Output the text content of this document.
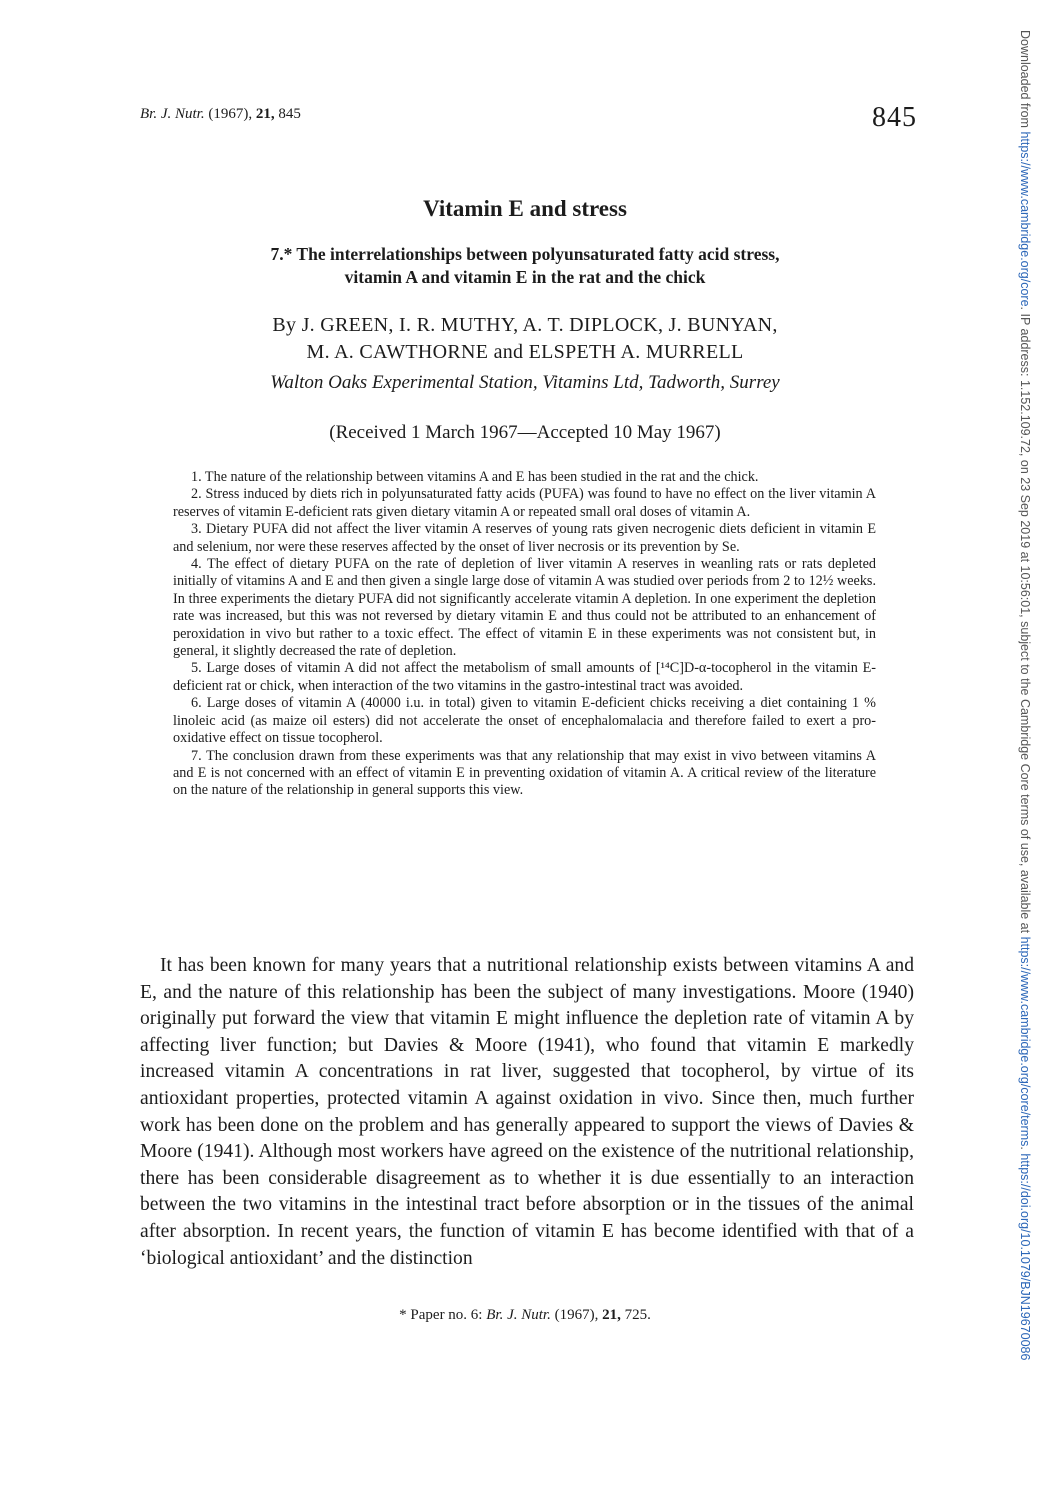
Downloaded from https://www.cambridge.org/core. IP address: 1.152.109.72, on 23 Sep 2019 at 10:56:01, subject to the Cambridge Core terms of use, available at https://www.cambridge.org/core/terms. https://doi.org/10.1079/BJN19670086
Br. J. Nutr. (1967), 21, 845	845
Vitamin E and stress
7.* The interrelationships between polyunsaturated fatty acid stress,
vitamin A and vitamin E in the rat and the chick
By J. GREEN, I. R. MUTHY, A. T. DIPLOCK, J. BUNYAN,
M. A. CAWTHORNE and ELSPETH A. MURRELL
Walton Oaks Experimental Station, Vitamins Ltd, Tadworth, Surrey
(Received 1 March 1967—Accepted 10 May 1967)

1. The nature of the relationship between vitamins A and E has been studied in the rat and the chick.

2. Stress induced by diets rich in polyunsaturated fatty acids (PUFA) was found to have no effect on the liver vitamin A reserves of vitamin E-deficient rats given dietary vitamin A or repeated small oral doses of vitamin A.

3. Dietary PUFA did not affect the liver vitamin A reserves of young rats given necrogenic diets deficient in vitamin E and selenium, nor were these reserves affected by the onset of liver necrosis or its prevention by Se.

4. The effect of dietary PUFA on the rate of depletion of liver vitamin A reserves in weanling rats or rats depleted initially of vitamins A and E and then given a single large dose of vitamin A was studied over periods from 2 to 12½ weeks. In three experiments the dietary PUFA did not significantly accelerate vitamin A depletion. In one experiment the depletion rate was increased, but this was not reversed by dietary vitamin E and thus could not be attributed to an enhancement of peroxidation in vivo but rather to a toxic effect. The effect of vitamin E in these experiments was not consistent but, in general, it slightly decreased the rate of depletion.

5. Large doses of vitamin A did not affect the metabolism of small amounts of [¹⁴C]D-α-tocopherol in the vitamin E-deficient rat or chick, when interaction of the two vitamins in the gastro-intestinal tract was avoided.

6. Large doses of vitamin A (40000 i.u. in total) given to vitamin E-deficient chicks receiving a diet containing 1 % linoleic acid (as maize oil esters) did not accelerate the onset of encephalomalacia and therefore failed to exert a pro-oxidative effect on tissue tocopherol.

7. The conclusion drawn from these experiments was that any relationship that may exist in vivo between vitamins A and E is not concerned with an effect of vitamin E in preventing oxidation of vitamin A. A critical review of the literature on the nature of the relationship in general supports this view.

It has been known for many years that a nutritional relationship exists between vitamins A and E, and the nature of this relationship has been the subject of many investigations. Moore (1940) originally put forward the view that vitamin E might influence the depletion rate of vitamin A by affecting liver function; but Davies & Moore (1941), who found that vitamin E markedly increased vitamin A concentrations in rat liver, suggested that tocopherol, by virtue of its antioxidant properties, protected vitamin A against oxidation in vivo. Since then, much further work has been done on the problem and has generally appeared to support the views of Davies & Moore (1941). Although most workers have agreed on the existence of the nutritional relationship, there has been considerable disagreement as to whether it is due essentially to an interaction between the two vitamins in the intestinal tract before absorption or in the tissues of the animal after absorption. In recent years, the function of vitamin E has become identified with that of a ‘biological antioxidant’ and the distinction

* Paper no. 6: Br. J. Nutr. (1967), 21, 725.
